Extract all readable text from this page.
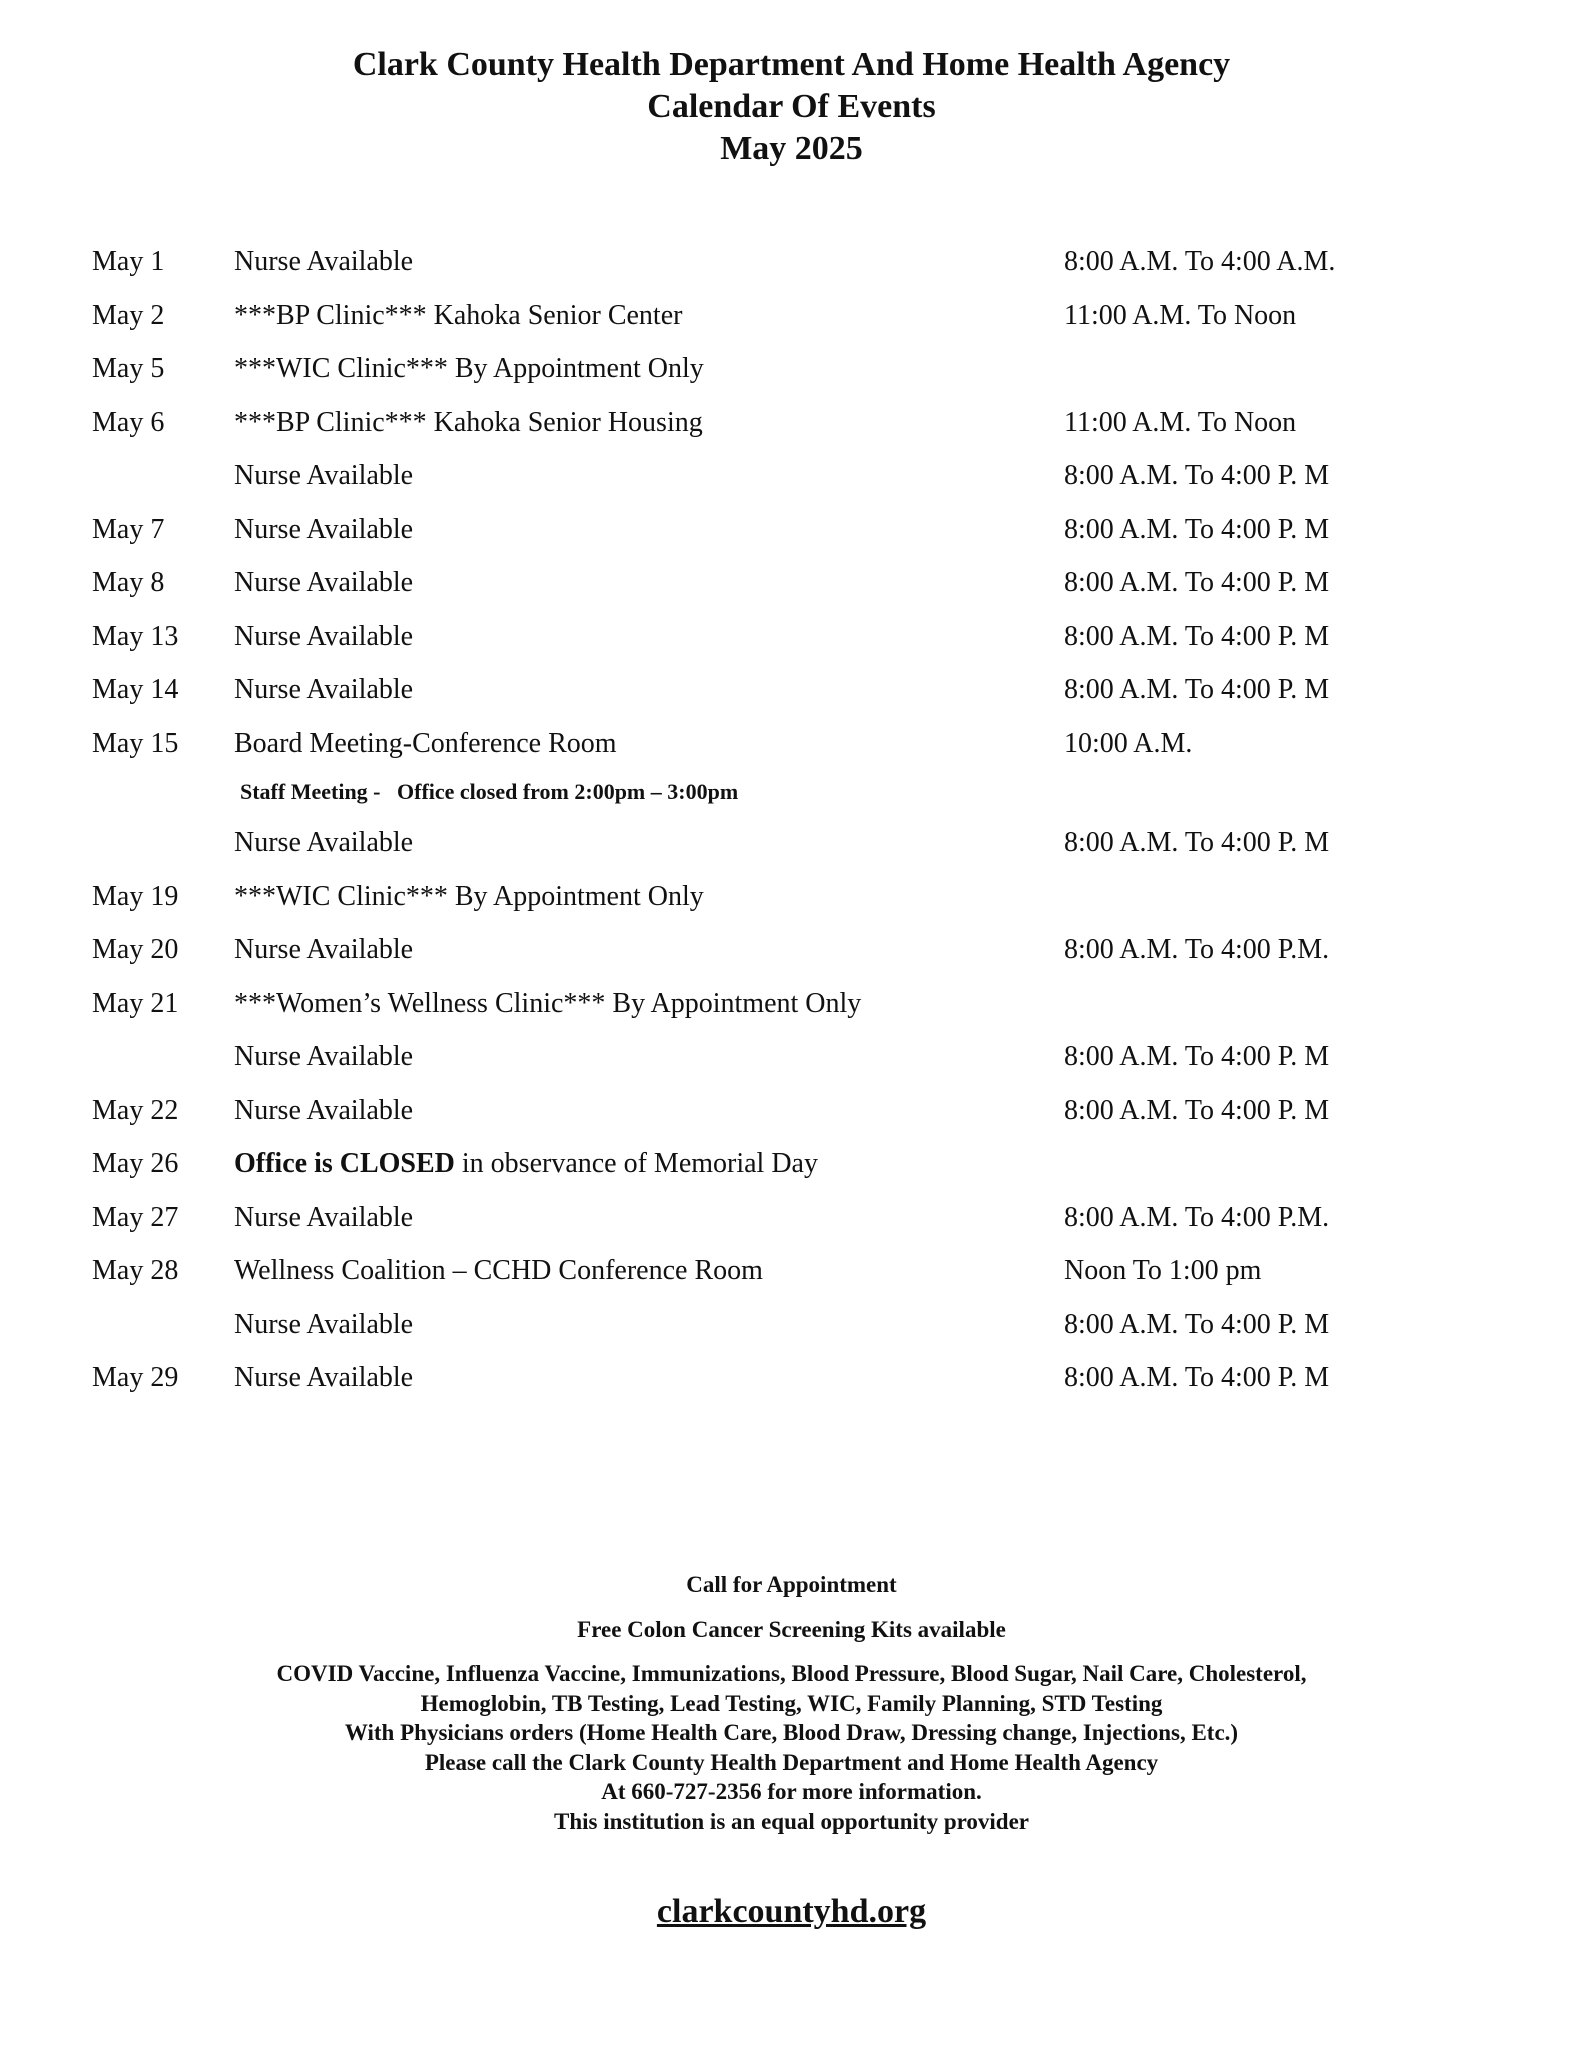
Clark County Health Department And Home Health Agency
Calendar Of Events
May 2025
May 1 Nurse Available	8:00 A.M. To 4:00 A.M.
May 2 ***BP Clinic*** Kahoka Senior Center	11:00 A.M. To Noon
May 5 ***WIC Clinic*** By Appointment Only
May 6 ***BP Clinic*** Kahoka Senior Housing	11:00 A.M. To Noon
Nurse Available	8:00 A.M. To 4:00 P. M
May 7 Nurse Available	8:00 A.M. To 4:00 P. M
May 8 Nurse Available	8:00 A.M. To 4:00 P. M
May 13 Nurse Available	8:00 A.M. To 4:00 P. M
May 14 Nurse Available	8:00 A.M. To 4:00 P. M
May 15 Board Meeting-Conference Room	10:00 A.M.
Staff Meeting -   Office closed from 2:00pm – 3:00pm
Nurse Available	8:00 A.M. To 4:00 P. M
May 19 ***WIC Clinic*** By Appointment Only
May 20 Nurse Available	8:00 A.M. To 4:00 P.M.
May 21 ***Women’s Wellness Clinic*** By Appointment Only
Nurse Available	8:00 A.M. To 4:00 P. M
May 22 Nurse Available	8:00 A.M. To 4:00 P. M
May 26 Office is CLOSED in observance of Memorial Day
May 27 Nurse Available	8:00 A.M. To 4:00 P.M.
May 28 Wellness Coalition – CCHD Conference Room	Noon To 1:00 pm
Nurse Available	8:00 A.M. To 4:00 P. M
May 29 Nurse Available	8:00 A.M. To 4:00 P. M
Call for Appointment
Free Colon Cancer Screening Kits available
COVID Vaccine, Influenza Vaccine, Immunizations, Blood Pressure, Blood Sugar, Nail Care, Cholesterol,
Hemoglobin, TB Testing, Lead Testing, WIC, Family Planning, STD Testing
With Physicians orders (Home Health Care, Blood Draw, Dressing change, Injections, Etc.)
Please call the Clark County Health Department and Home Health Agency
At 660-727-2356 for more information.
This institution is an equal opportunity provider
clarkcountyhd.org
